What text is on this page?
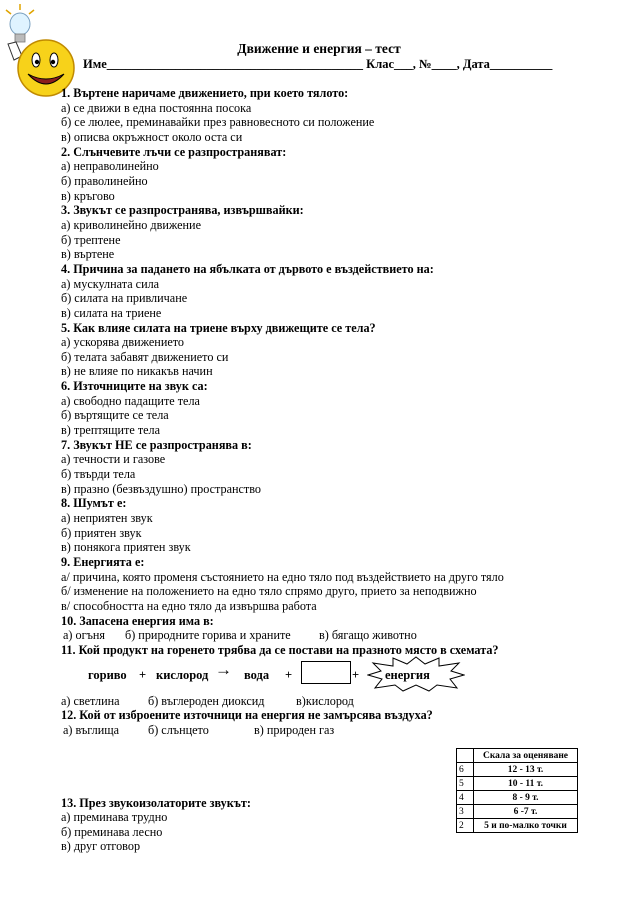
Движение и енергия – тест
Име_________________________________________ Клас___, №____, Дата__________
1. Въртене наричаме движението, при което тялото:
а) се движи в една постоянна посока
б) се люлее, преминавайки през равновесното си положение
в) описва окръжност около оста си
2. Слънчевите лъчи се разпространяват:
а) неправолинейно
б) праволинейно
в) кръгово
3. Звукът се разпространява, извършвайки:
а) криволинейно движение
б) трептене
в) въртене
4. Причина за падането на ябълката от дървото е въздействието на:
а) мускулната сила
б) силата на привличане
в) силата на триене
5. Как влияе силата на триене върху движещите се тела?
а) ускорява движението
б) телата забавят движението си
в) не влияе по никакъв начин
6. Източниците на звук са:
а) свободно падащите тела
б) въртящите се тела
в) трептящите тела
7. Звукът НЕ се разпространява в:
а) течности и газове
б) твърди тела
в) празно (безвъздушно) пространство
8. Шумът е:
а) неприятен звук
б) приятен звук
в) понякога приятен звук
9. Енергията е:
а/ причина, която променя състоянието на едно тяло под въздействието на друго тяло
б/ изменение на положението на едно тяло спрямо друго, прието за неподвижно
в/ способността на едно тяло да извършва работа
10. Запасена енергия има в:
а) огъня б) природните горива и храните в) бягащо животно
11. Кой продукт на горенето трябва да се постави на празното място в схемата?
гориво + кислород → вода +	+ енергия
а) светлина б) въглероден диоксид	в)кислород
12. Кой от изброените източници на енергия не замърсява въздуха?
а) въглища б) слънцето	в) природен газ
13. През звукоизолаторите звукът:
а) преминава трудно
б) преминава лесно
в) друг отговор
	Скала за оценяване
6	12 - 13 т.
5	10 - 11 т.
4	8 - 9 т.
3	6 -7 т.
2	5 и по-малко точки
